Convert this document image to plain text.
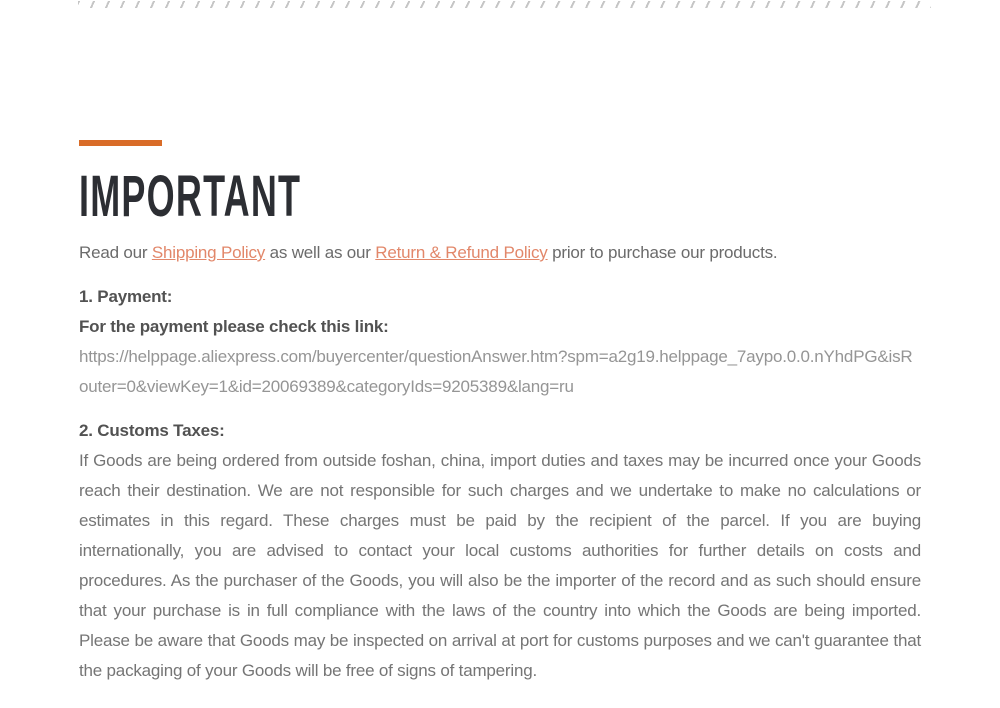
IMPORTANT

Read our Shipping Policy as well as our Return & Refund Policy prior to purchase our products.

1. Payment:

For the payment please check this link:

https://helppage.aliexpress.com/buyercenter/questionAnswer.htm?spm=a2g19.helppage_7aypo.0.0.nYhdPG&isRouter=0&viewKey=1&id=20069389&categoryIds=9205389&lang=ru

2. Customs Taxes:

If Goods are being ordered from outside foshan, china, import duties and taxes may be incurred once your Goods reach their destination. We are not responsible for such charges and we undertake to make no calculations or estimates in this regard. These charges must be paid by the recipient of the parcel. If you are buying internationally, you are advised to contact your local customs authorities for further details on costs and procedures. As the purchaser of the Goods, you will also be the importer of the record and as such should ensure that your purchase is in full compliance with the laws of the country into which the Goods are being imported. Please be aware that Goods may be inspected on arrival at port for customs purposes and we can't guarantee that the packaging of your Goods will be free of signs of tampering.
